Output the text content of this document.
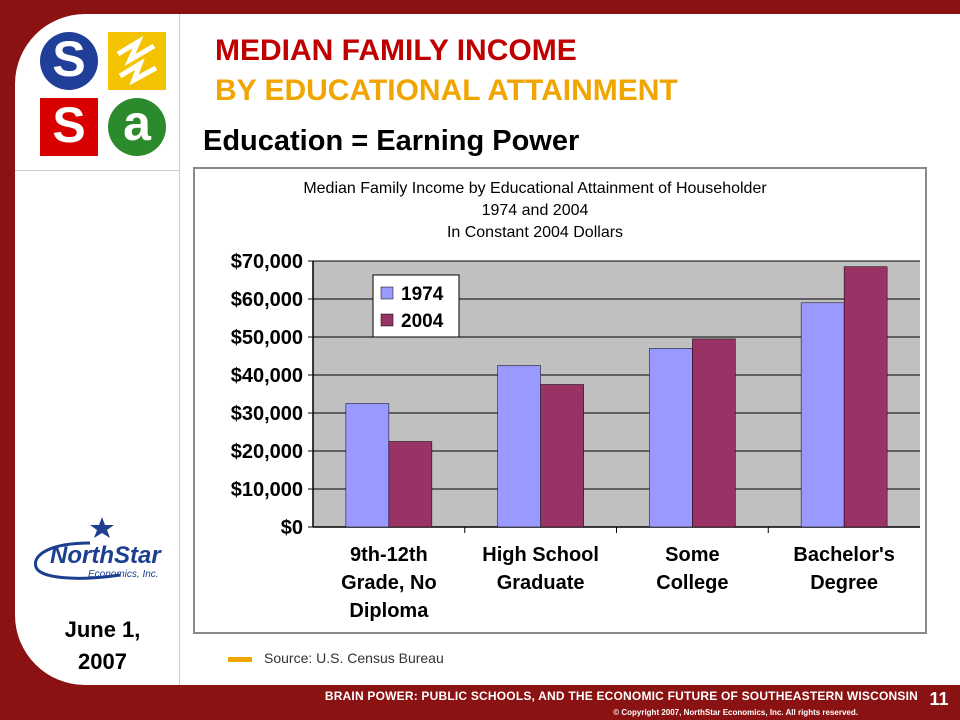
S
S a
MEDIAN FAMILY INCOME
BY EDUCATIONAL ATTAINMENT
Education = Earning Power
Median Family Income by Educational Attainment of Householder
1974 and 2004
In Constant 2004 Dollars
$0
$10,000
$20,000
$30,000
$40,000
$50,000
$60,000
$70,000
9th-12th
Grade, No
Diploma
High School
Graduate
Some
College
Bachelor's
Degree
1974
2004
NorthStar
Economics, Inc.
June 1,
2007	Source: U.S. Census Bureau
BRAIN POWER: PUBLIC SCHOOLS, AND THE ECONOMIC FUTURE OF SOUTHEASTERN WISCONSIN
© Copyright 2007, NorthStar Economics, Inc. All rights reserved.
11
